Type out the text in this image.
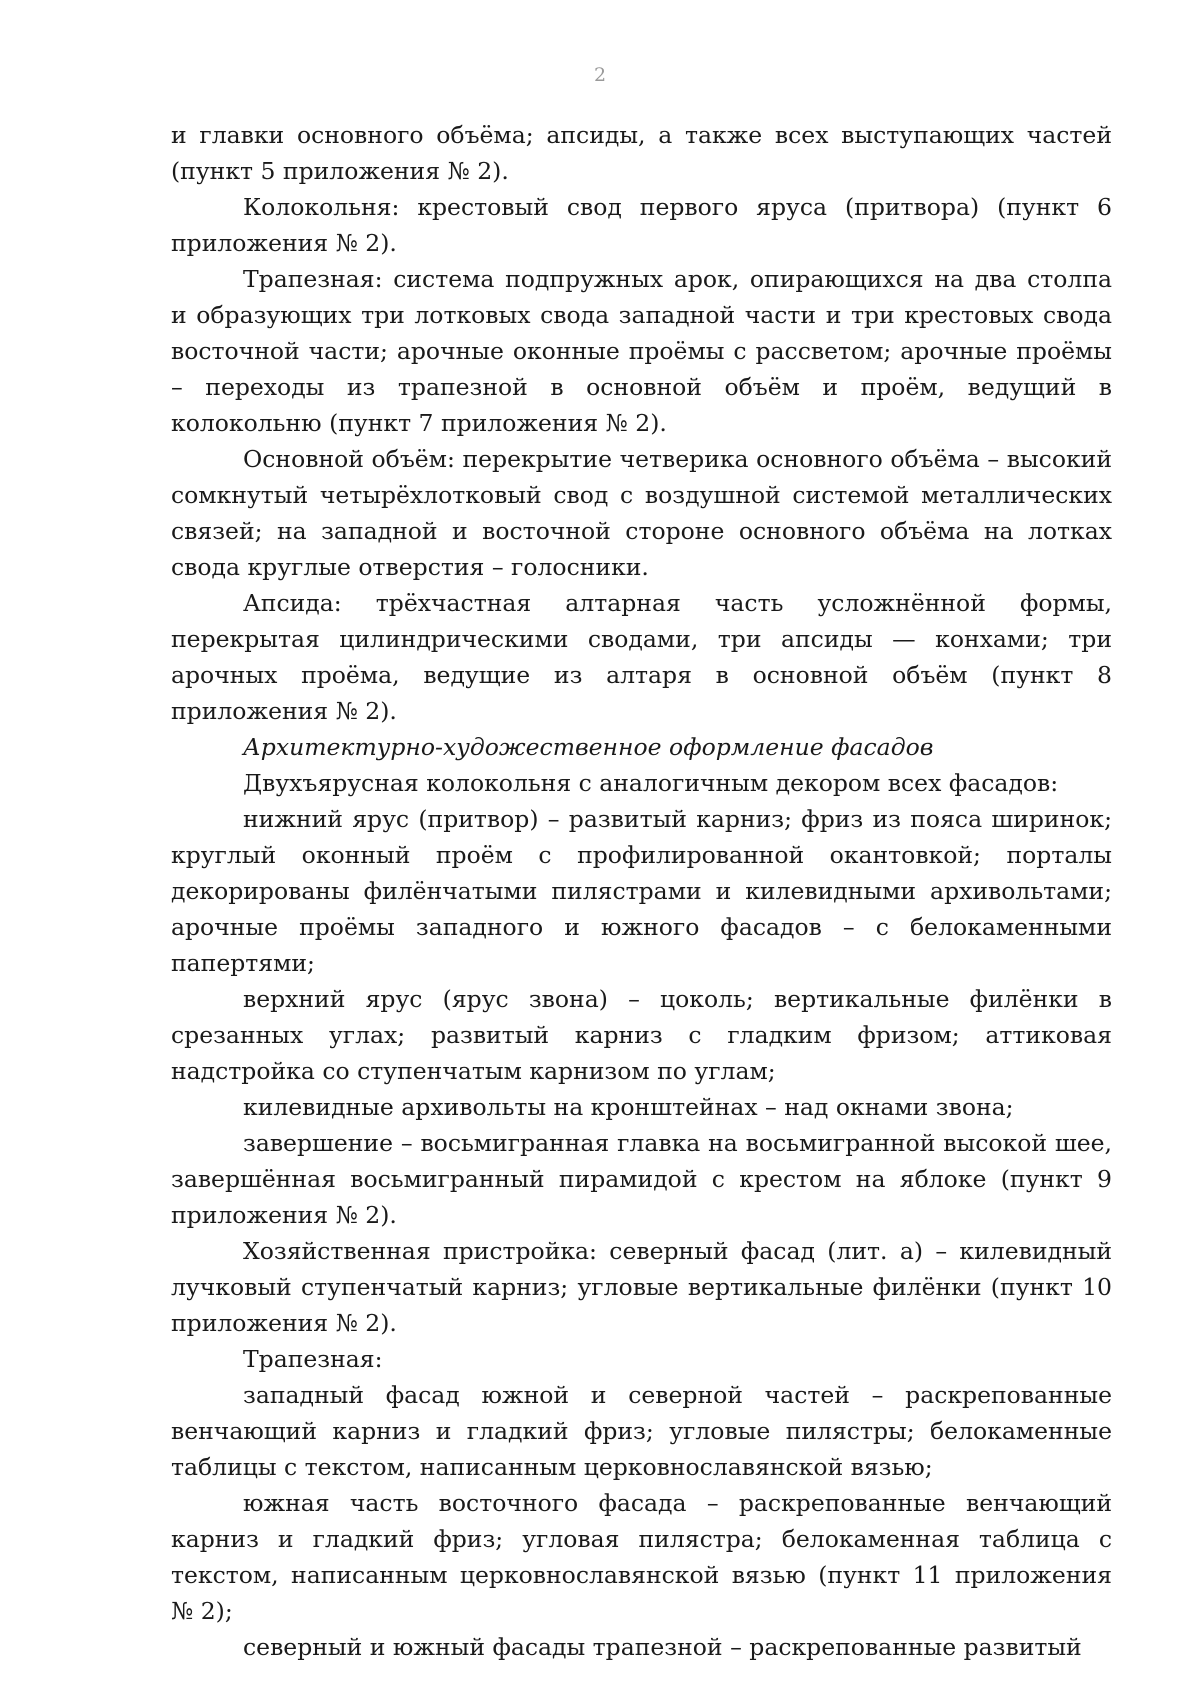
2

и главки основного объёма; апсиды, а также всех выступающих частей (пункт 5 приложения № 2).

Колокольня: крестовый свод первого яруса (притвора) (пункт 6 приложения № 2).

Трапезная: система подпружных арок, опирающихся на два столпа и образующих три лотковых свода западной части и три крестовых свода восточной части; арочные оконные проёмы с рассветом; арочные проёмы – переходы из трапезной в основной объём и проём, ведущий в колокольню (пункт 7 приложения № 2).

Основной объём: перекрытие четверика основного объёма – высокий сомкнутый четырёхлотковый свод с воздушной системой металлических связей; на западной и восточной стороне основного объёма на лотках свода круглые отверстия – голосники.

Апсида: трёхчастная алтарная часть усложнённой формы, перекрытая цилиндрическими сводами, три апсиды — конхами; три арочных проёма, ведущие из алтаря в основной объём (пункт 8 приложения № 2).

Архитектурно-художественное оформление фасадов

Двухъярусная колокольня с аналогичным декором всех фасадов:

нижний ярус (притвор) – развитый карниз; фриз из пояса ширинок; круглый оконный проём с профилированной окантовкой; порталы декорированы филёнчатыми пилястрами и килевидными архивольтами; арочные проёмы западного и южного фасадов – с белокаменными папертями;

верхний ярус (ярус звона) – цоколь; вертикальные филёнки в срезанных углах; развитый карниз с гладким фризом; аттиковая надстройка со ступенчатым карнизом по углам;

килевидные архивольты на кронштейнах – над окнами звона;

завершение – восьмигранная главка на восьмигранной высокой шее, завершённая восьмигранный пирамидой с крестом на яблоке (пункт 9 приложения № 2).

Хозяйственная пристройка: северный фасад (лит. а) – килевидный лучковый ступенчатый карниз; угловые вертикальные филёнки (пункт 10 приложения № 2).

Трапезная:

западный фасад южной и северной частей – раскрепованные венчающий карниз и гладкий фриз; угловые пилястры; белокаменные таблицы с текстом, написанным церковнославянской вязью;

южная часть восточного фасада – раскрепованные венчающий карниз и гладкий фриз; угловая пилястра; белокаменная таблица с текстом, написанным церковнославянской вязью (пункт 11 приложения № 2);

северный и южный фасады трапезной – раскрепованные развитый
